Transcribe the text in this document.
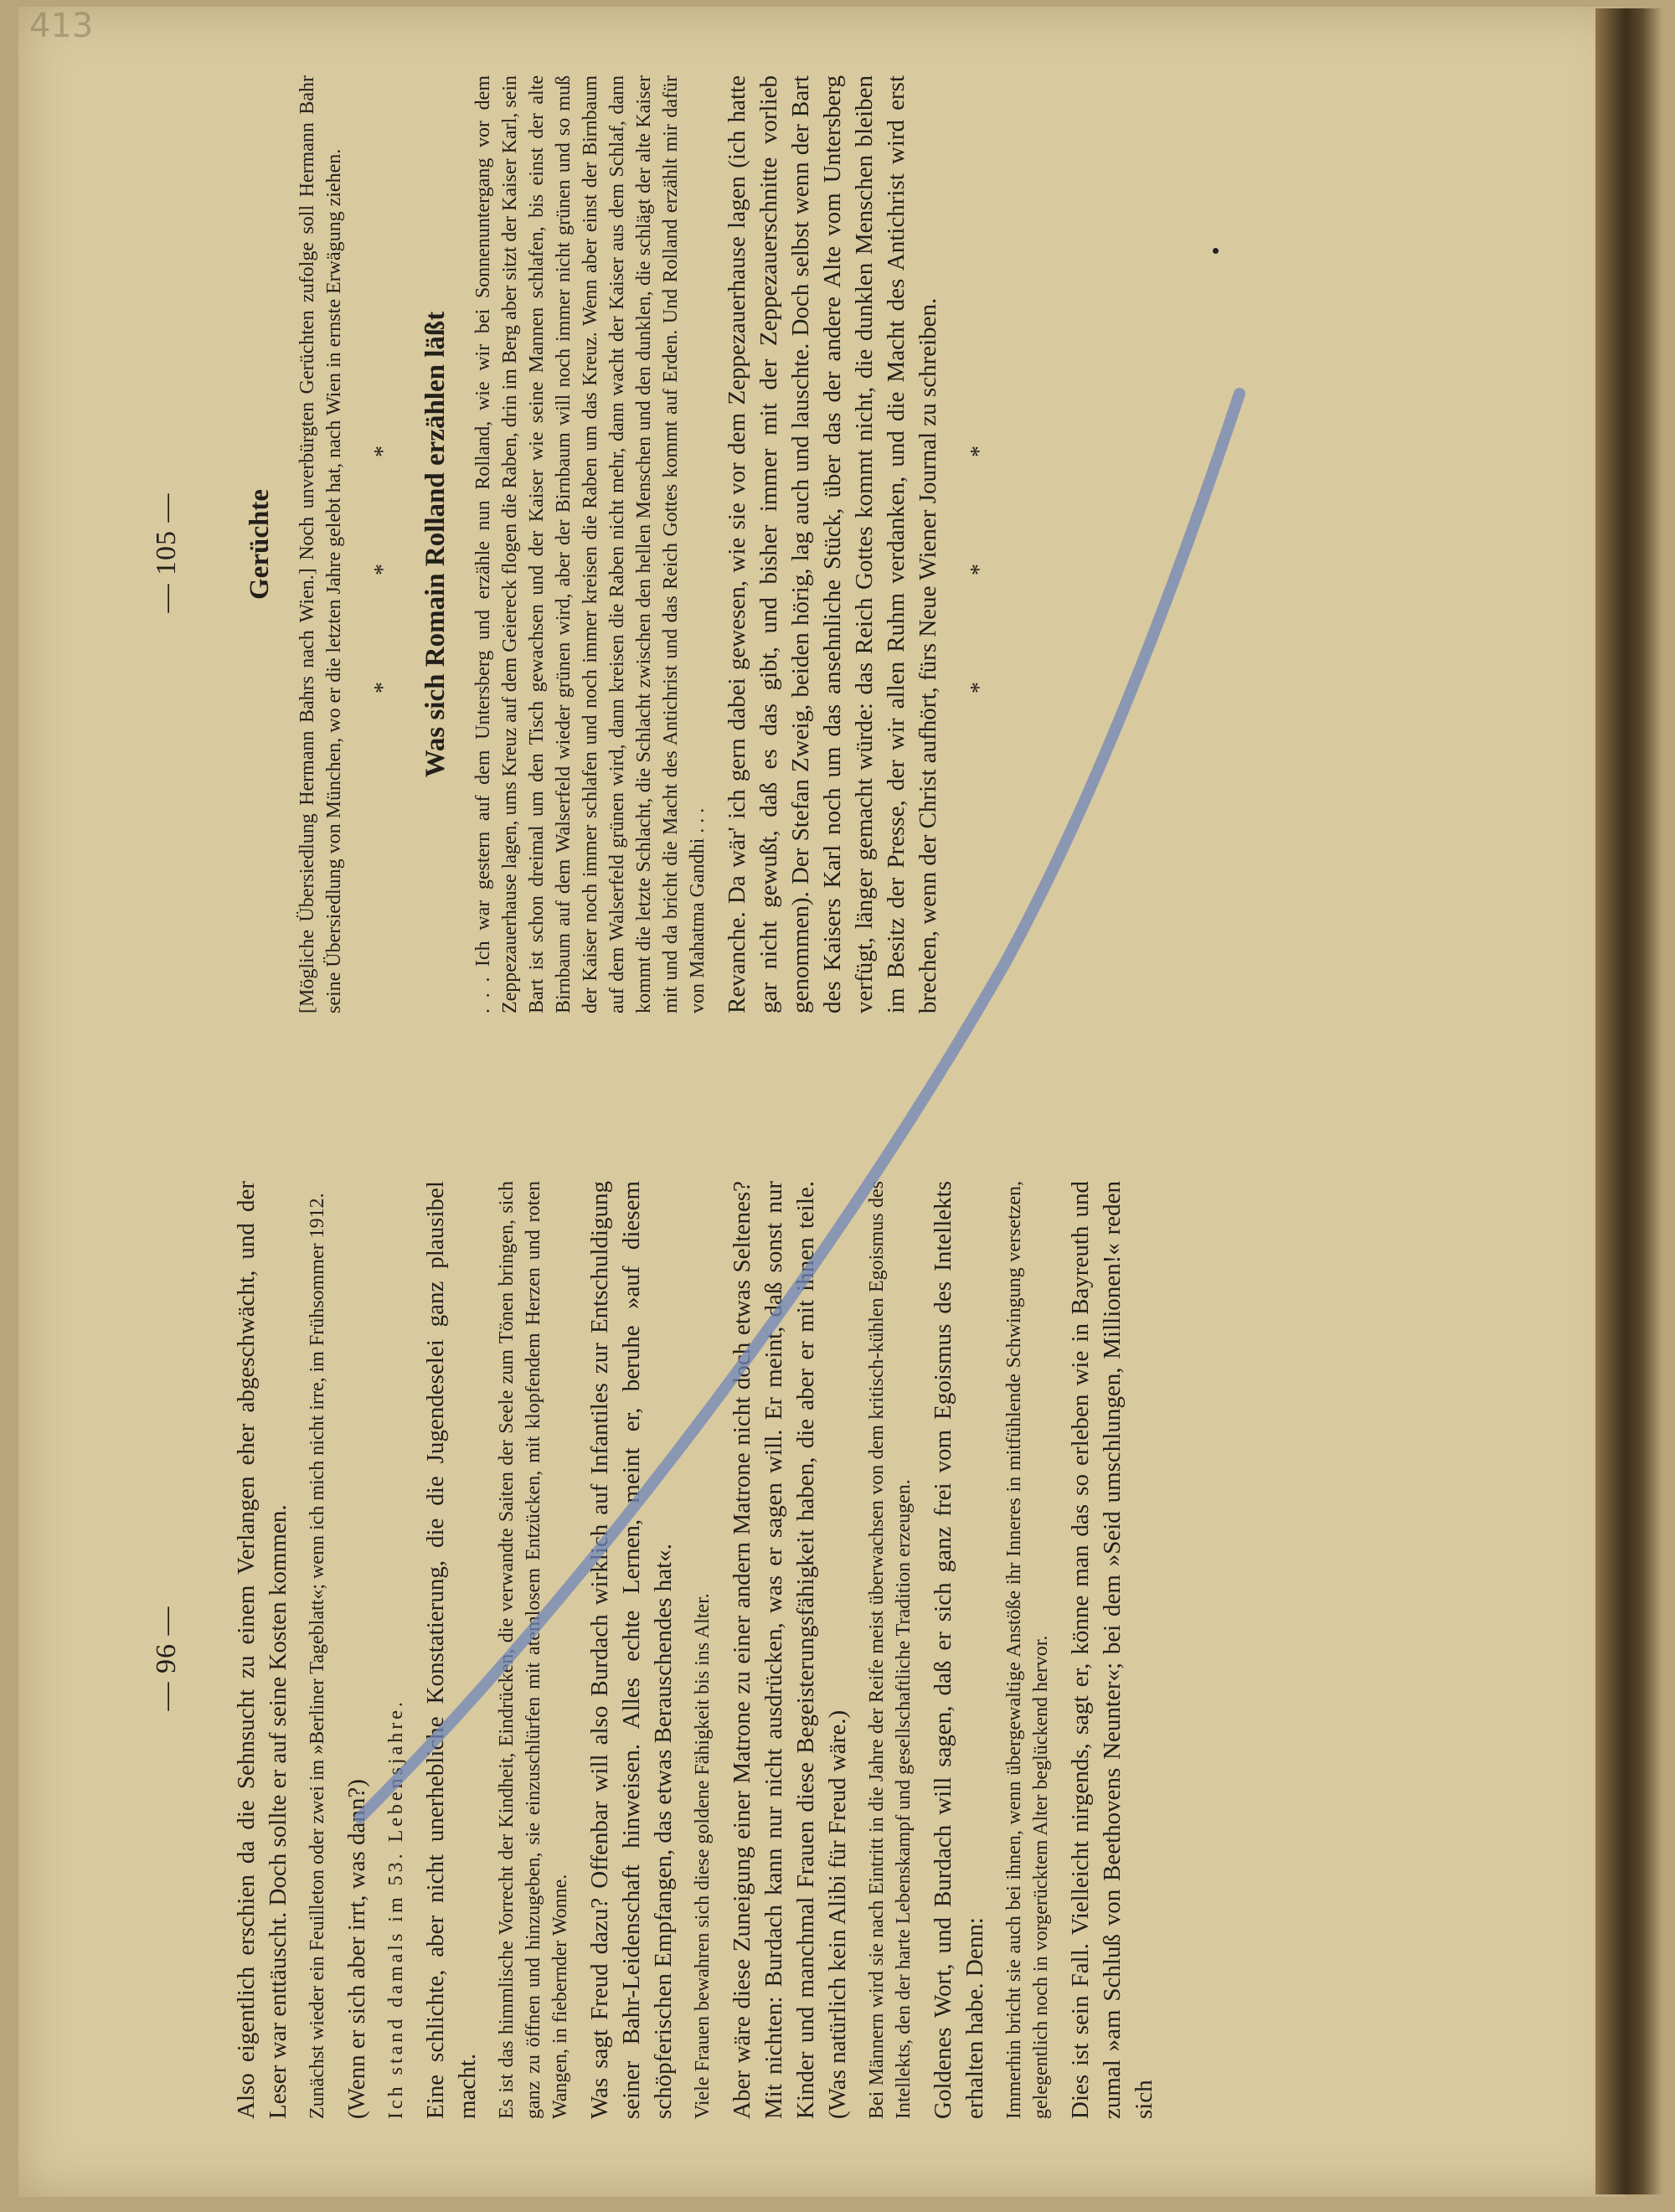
413
— 96 — Also eigentlich erschien da die Sehnsucht zu einem Verlangen eher abgeschwächt, und der Leser war enttäuscht. Doch sollte er auf seine Kosten kommen. Zunächst wieder ein Feuilleton oder zwei im »Berliner Tageblatt«; wenn ich mich nicht irre, im Frühsommer 1912. (Wenn er sich aber irrt, was dann?) Ich stand damals im 53. Lebensjahre. Eine schlichte, aber nicht unerhebliche Konstatierung, die die Jugendeselei ganz plausibel macht. Es ist das himmlische Vorrecht der Kindheit, Eindrücken, die verwandte Saiten der Seele zum Tönen bringen, sich ganz zu öffnen und hinzugeben, sie einzuschlürfen mit atemlosem Entzücken, mit klopfendem Herzen und roten Wangen, in fiebernder Wonne. Was sagt Freud dazu? Offenbar will also Burdach wirklich auf Infantiles zur Entschuldigung seiner Bahr-Leidenschaft hinweisen. Alles echte Lernen, meint er, beruhe »auf diesem schöpferischen Empfangen, das etwas Berauschendes hat«. Viele Frauen bewahren sich diese goldene Fähigkeit bis ins Alter. Aber wäre diese Zuneigung einer Matrone zu einer andern Matrone nicht doch etwas Seltenes? Mit nichten: Burdach kann nur nicht ausdrücken, was er sagen will. Er meint, daß sonst nur Kinder und manchmal Frauen diese Begeisterungsfähigkeit haben, die aber er mit ihnen teile. (Was natürlich kein Alibi für Freud wäre.) Bei Männern wird sie nach Eintritt in die Jahre der Reife meist überwachsen von dem kritisch-kühlen Egoismus des Intellekts, den der harte Lebenskampf und gesellschaftliche Tradition erzeugen. Goldenes Wort, und Burdach will sagen, daß er sich ganz frei vom Egoismus des Intellekts erhalten habe. Denn: Immerhin bricht sie auch bei ihnen, wenn übergewaltige Anstöße ihr Inneres in mitfühlende Schwingung versetzen, gelegentlich noch in vorgerücktem Alter beglückend hervor. Dies ist sein Fall. Vielleicht nirgends, sagt er, könne man das so erleben wie in Bayreuth und zumal »am Schluß von Beethovens Neunter«; bei dem »Seid umschlungen, Millionen!« reden sich

— 105 — Gerüchte [Mögliche Übersiedlung Hermann Bahrs nach Wien.] Noch unverbürgten Gerüchten zufolge soll Hermann Bahr seine Übersiedlung von München, wo er die letzten Jahre gelebt hat, nach Wien in ernste Erwägung ziehen. * * * Was sich Romain Rolland erzählen läßt . . . Ich war gestern auf dem Untersberg und erzähle nun Rolland, wie wir bei Sonnenuntergang vor dem Zeppezauerhause lagen, ums Kreuz auf dem Geiereck flogen die Raben, drin im Berg aber sitzt der Kaiser Karl, sein Bart ist schon dreimal um den Tisch gewachsen und der Kaiser wie seine Mannen schlafen, bis einst der alte Birnbaum auf dem Walserfeld wieder grünen wird, aber der Birnbaum will noch immer nicht grünen und so muß der Kaiser noch immer schlafen und noch immer kreisen die Raben um das Kreuz. Wenn aber einst der Birnbaum auf dem Walserfeld grünen wird, dann kreisen die Raben nicht mehr, dann wacht der Kaiser aus dem Schlaf, dann kommt die letzte Schlacht, die Schlacht zwischen den hellen Menschen und den dunklen, die schlägt der alte Kaiser mit und da bricht die Macht des Antichrist und das Reich Gottes kommt auf Erden. Und Rolland erzählt mir dafür von Mahatma Gandhi . . . Revanche. Da wär' ich gern dabei gewesen, wie sie vor dem Zeppezauerhause lagen (ich hatte gar nicht gewußt, daß es das gibt, und bisher immer mit der Zeppezauerschnitte vorlieb genommen). Der Stefan Zweig, beiden hörig, lag auch und lauschte. Doch selbst wenn der Bart des Kaisers Karl noch um das ansehnliche Stück, über das der andere Alte vom Untersberg verfügt, länger gemacht würde: das Reich Gottes kommt nicht, die dunklen Menschen bleiben im Besitz der Presse, der wir allen Ruhm verdanken, und die Macht des Antichrist wird erst brechen, wenn der Christ aufhört, fürs Neue Wiener Journal zu schreiben. * * *
